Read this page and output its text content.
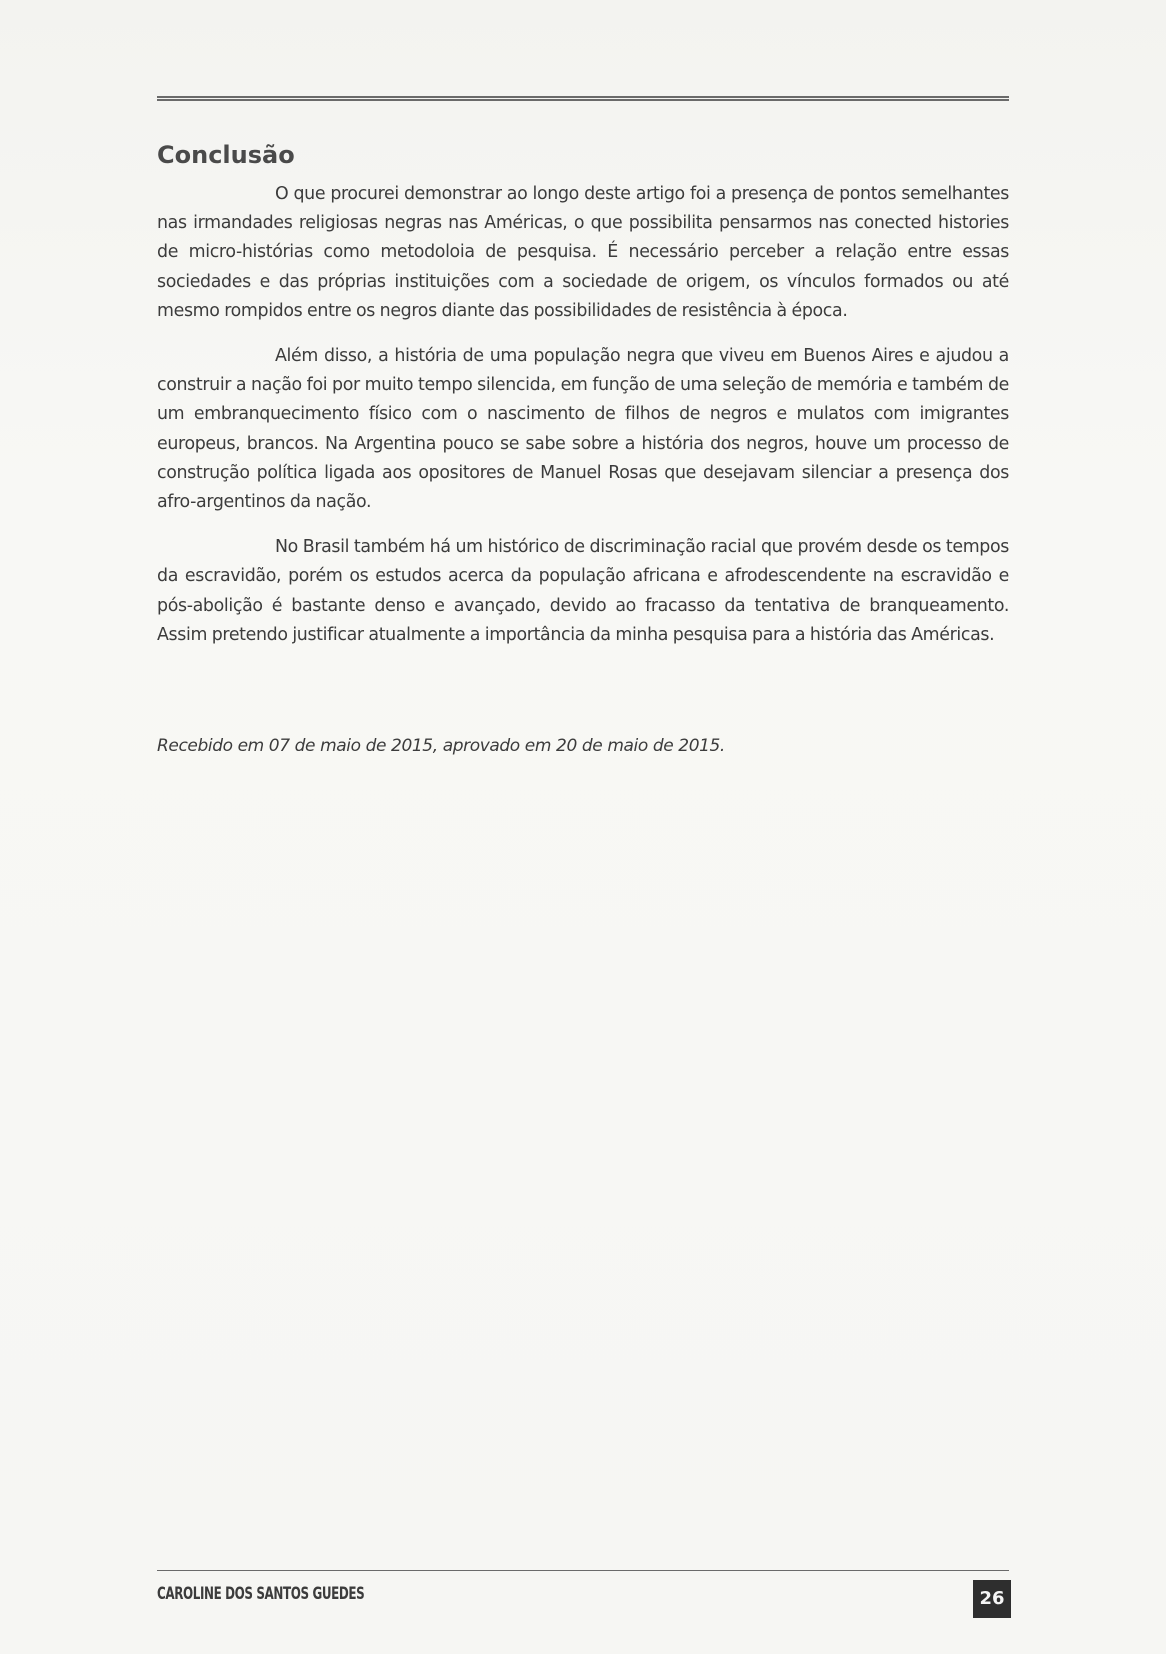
Conclusão

O que procurei demonstrar ao longo deste artigo foi a presença de pontos semelhantes nas irmandades religiosas negras nas Américas, o que possibilita pensarmos nas conected histories de micro-histórias como metodoloia de pesquisa. É necessário perceber a relação entre essas sociedades e das próprias instituições com a sociedade de origem, os vínculos formados ou até mesmo rompidos entre os negros diante das possibilidades de resistência à época.

Além disso, a história de uma população negra que viveu em Buenos Aires e ajudou a construir a nação foi por muito tempo silencida, em função de uma seleção de memória e também de um embranquecimento físico com o nascimento de filhos de negros e mulatos com imigrantes europeus, brancos. Na Argentina pouco se sabe sobre a história dos negros, houve um processo de construção política ligada aos opositores de Manuel Rosas que desejavam silenciar a presença dos afro-argentinos da nação.

No Brasil também há um histórico de discriminação racial que provém desde os tempos da escravidão, porém os estudos acerca da população africana e afrodescendente na escravidão e pós-abolição é bastante denso e avançado, devido ao fracasso da tentativa de branqueamento. Assim pretendo justificar atualmente a importância da minha pesquisa para a história das Américas.

Recebido em 07 de maio de 2015, aprovado em 20 de maio de 2015.
CAROLINE DOS SANTOS GUEDES	26
